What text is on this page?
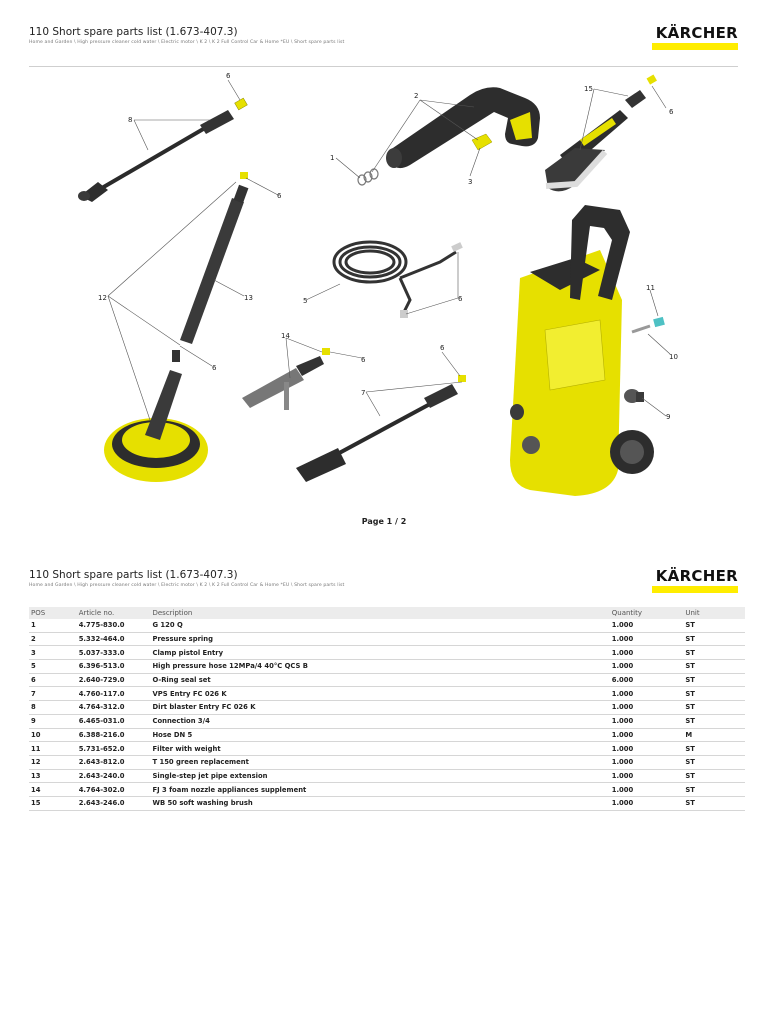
110 Short spare parts list (1.673-407.3)
Home and Garden \ High pressure cleaner cold water \ Electric motor \ K 2 \ K 2 Full Control Car & Home *EU \ Short spare parts list
KÄRCHER
6
8
2
1
3
15
6
6
12	13	5	6
11
10
14
6
6
6
7
9
Page 1 / 2
110 Short spare parts list (1.673-407.3)
Home and Garden \ High pressure cleaner cold water \ Electric motor \ K 2 \ K 2 Full Control Car & Home *EU \ Short spare parts list
KÄRCHER
POS	Article no.	Description	Quantity	Unit
1	4.775-830.0	G 120 Q	1.000	ST
2	5.332-464.0	Pressure spring	1.000	ST
3	5.037-333.0	Clamp pistol Entry	1.000	ST
5	6.396-513.0	High pressure hose 12MPa/4 40°C QCS B	1.000	ST
6	2.640-729.0	O-Ring seal set	6.000	ST
7	4.760-117.0	VPS Entry FC 026 K	1.000	ST
8	4.764-312.0	Dirt blaster Entry FC 026 K	1.000	ST
9	6.465-031.0	Connection 3/4	1.000	ST
10	6.388-216.0	Hose DN 5	1.000	M
11	5.731-652.0	Filter with weight	1.000	ST
12	2.643-812.0	T 150 green replacement	1.000	ST
13	2.643-240.0	Single-step jet pipe extension	1.000	ST
14	4.764-302.0	FJ 3 foam nozzle appliances supplement	1.000	ST
15	2.643-246.0	WB 50 soft washing brush	1.000	ST
